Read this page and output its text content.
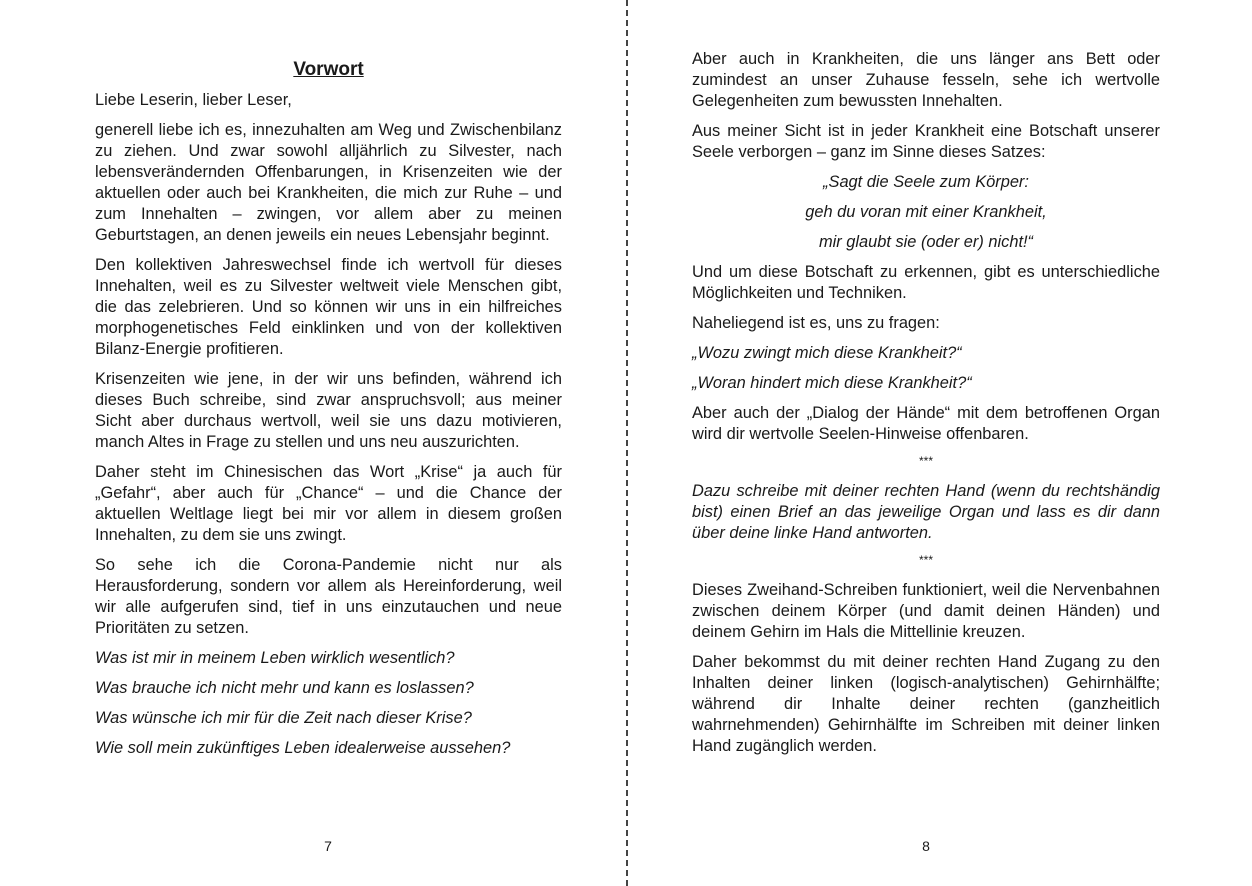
Vorwort

Liebe Leserin, lieber Leser,

generell liebe ich es, innezuhalten am Weg und Zwischenbilanz zu ziehen. Und zwar sowohl alljährlich zu Silvester, nach lebensverändernden Offenbarungen, in Krisenzeiten wie der aktuellen oder auch bei Krankheiten, die mich zur Ruhe – und zum Innehalten – zwingen, vor allem aber zu meinen Geburtstagen, an denen jeweils ein neues Lebensjahr beginnt.

Den kollektiven Jahreswechsel finde ich wertvoll für dieses Innehalten, weil es zu Silvester weltweit viele Menschen gibt, die das zelebrieren. Und so können wir uns in ein hilfreiches morphogenetisches Feld einklinken und von der kollektiven Bilanz-Energie profitieren.

Krisenzeiten wie jene, in der wir uns befinden, während ich dieses Buch schreibe, sind zwar anspruchsvoll; aus meiner Sicht aber durchaus wertvoll, weil sie uns dazu motivieren, manch Altes in Frage zu stellen und uns neu auszurichten.

Daher steht im Chinesischen das Wort „Krise“ ja auch für „Gefahr“, aber auch für „Chance“ – und die Chance der aktuellen Weltlage liegt bei mir vor allem in diesem großen Innehalten, zu dem sie uns zwingt.

So sehe ich die Corona-Pandemie nicht nur als Herausforderung, sondern vor allem als Hereinforderung, weil wir alle aufgerufen sind, tief in uns einzutauchen und neue Prioritäten zu setzen.

Was ist mir in meinem Leben wirklich wesentlich?

Was brauche ich nicht mehr und kann es loslassen?

Was wünsche ich mir für die Zeit nach dieser Krise?

Wie soll mein zukünftiges Leben idealerweise aussehen?

7

Aber auch in Krankheiten, die uns länger ans Bett oder zumindest an unser Zuhause fesseln, sehe ich wertvolle Gelegenheiten zum bewussten Innehalten.

Aus meiner Sicht ist in jeder Krankheit eine Botschaft unserer Seele verborgen – ganz im Sinne dieses Satzes:

„Sagt die Seele zum Körper:

geh du voran mit einer Krankheit,

mir glaubt sie (oder er) nicht!“

Und um diese Botschaft zu erkennen, gibt es unterschiedliche Möglichkeiten und Techniken.

Naheliegend ist es, uns zu fragen:

„Wozu zwingt mich diese Krankheit?“

„Woran hindert mich diese Krankheit?“

Aber auch der „Dialog der Hände“ mit dem betroffenen Organ wird dir wertvolle Seelen-Hinweise offenbaren.

***

Dazu schreibe mit deiner rechten Hand (wenn du rechtshändig bist) einen Brief an das jeweilige Organ und lass es dir dann über deine linke Hand antworten.

***

Dieses Zweihand-Schreiben funktioniert, weil die Nervenbahnen zwischen deinem Körper (und damit deinen Händen) und deinem Gehirn im Hals die Mittellinie kreuzen.

Daher bekommst du mit deiner rechten Hand Zugang zu den Inhalten deiner linken (logisch-analytischen) Gehirnhälfte; während dir Inhalte deiner rechten (ganzheitlich wahrnehmenden) Gehirnhälfte im Schreiben mit deiner linken Hand zugänglich werden.

8
